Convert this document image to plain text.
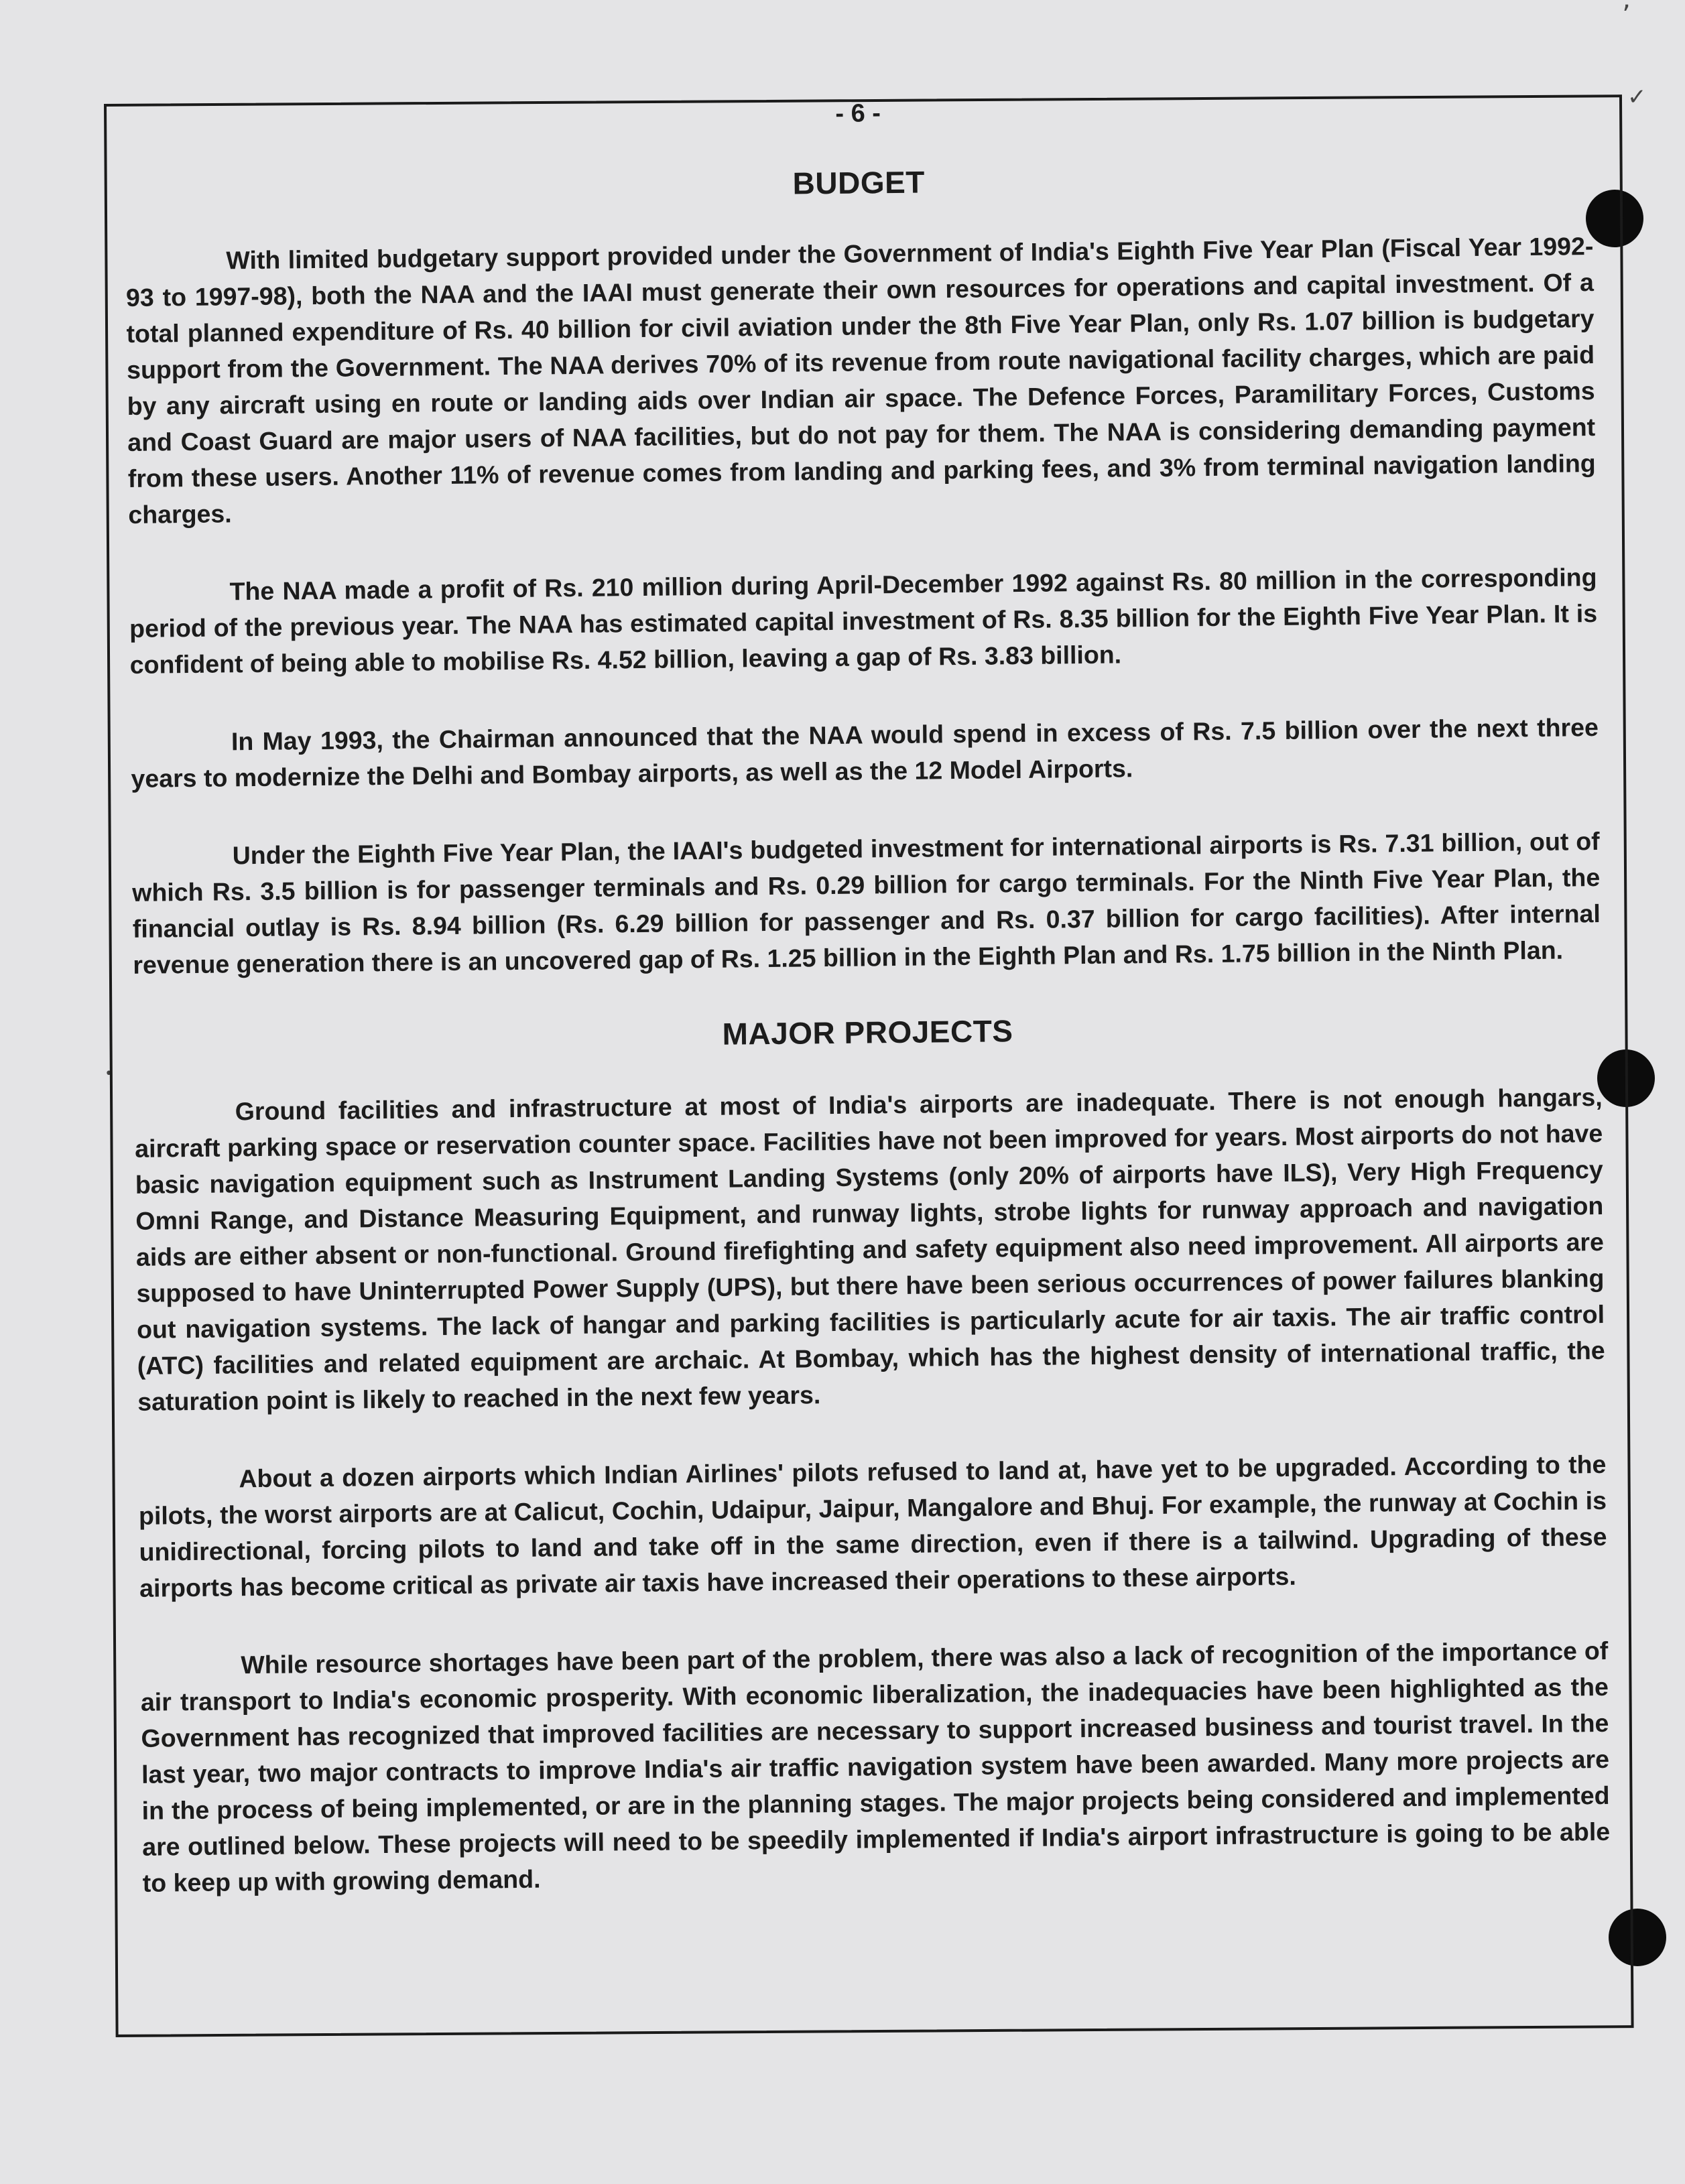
’
✓
•
- 6 -
BUDGET

With limited budgetary support provided under the Government of India's Eighth Five Year Plan (Fiscal Year 1992-93 to 1997-98), both the NAA and the IAAI must generate their own resources for operations and capital investment. Of a total planned expenditure of Rs. 40 billion for civil aviation under the 8th Five Year Plan, only Rs. 1.07 billion is budgetary support from the Government. The NAA derives 70% of its revenue from route navigational facility charges, which are paid by any aircraft using en route or landing aids over Indian air space. The Defence Forces, Paramilitary Forces, Customs and Coast Guard are major users of NAA facilities, but do not pay for them. The NAA is considering demanding payment from these users. Another 11% of revenue comes from landing and parking fees, and 3% from terminal navigation landing charges.

The NAA made a profit of Rs. 210 million during April-December 1992 against Rs. 80 million in the corresponding period of the previous year. The NAA has estimated capital investment of Rs. 8.35 billion for the Eighth Five Year Plan. It is confident of being able to mobilise Rs. 4.52 billion, leaving a gap of Rs. 3.83 billion.

In May 1993, the Chairman announced that the NAA would spend in excess of Rs. 7.5 billion over the next three years to modernize the Delhi and Bombay airports, as well as the 12 Model Airports.

Under the Eighth Five Year Plan, the IAAI's budgeted investment for international airports is Rs. 7.31 billion, out of which Rs. 3.5 billion is for passenger terminals and Rs. 0.29 billion for cargo terminals. For the Ninth Five Year Plan, the financial outlay is Rs. 8.94 billion (Rs. 6.29 billion for passenger and Rs. 0.37 billion for cargo facilities). After internal revenue generation there is an uncovered gap of Rs. 1.25 billion in the Eighth Plan and Rs. 1.75 billion in the Ninth Plan.

MAJOR PROJECTS

Ground facilities and infrastructure at most of India's airports are inadequate. There is not enough hangars, aircraft parking space or reservation counter space. Facilities have not been improved for years. Most airports do not have basic navigation equipment such as Instrument Landing Systems (only 20% of airports have ILS), Very High Frequency Omni Range, and Distance Measuring Equipment, and runway lights, strobe lights for runway approach and navigation aids are either absent or non-functional. Ground firefighting and safety equipment also need improvement. All airports are supposed to have Uninterrupted Power Supply (UPS), but there have been serious occurrences of power failures blanking out navigation systems. The lack of hangar and parking facilities is particularly acute for air taxis. The air traffic control (ATC) facilities and related equipment are archaic. At Bombay, which has the highest density of international traffic, the saturation point is likely to reached in the next few years.

About a dozen airports which Indian Airlines' pilots refused to land at, have yet to be upgraded. According to the pilots, the worst airports are at Calicut, Cochin, Udaipur, Jaipur, Mangalore and Bhuj. For example, the runway at Cochin is unidirectional, forcing pilots to land and take off in the same direction, even if there is a tailwind. Upgrading of these airports has become critical as private air taxis have increased their operations to these airports.

While resource shortages have been part of the problem, there was also a lack of recognition of the importance of air transport to India's economic prosperity. With economic liberalization, the inadequacies have been highlighted as the Government has recognized that improved facilities are necessary to support increased business and tourist travel. In the last year, two major contracts to improve India's air traffic navigation system have been awarded. Many more projects are in the process of being implemented, or are in the planning stages. The major projects being considered and implemented are outlined below. These projects will need to be speedily implemented if India's airport infrastructure is going to be able to keep up with growing demand.
